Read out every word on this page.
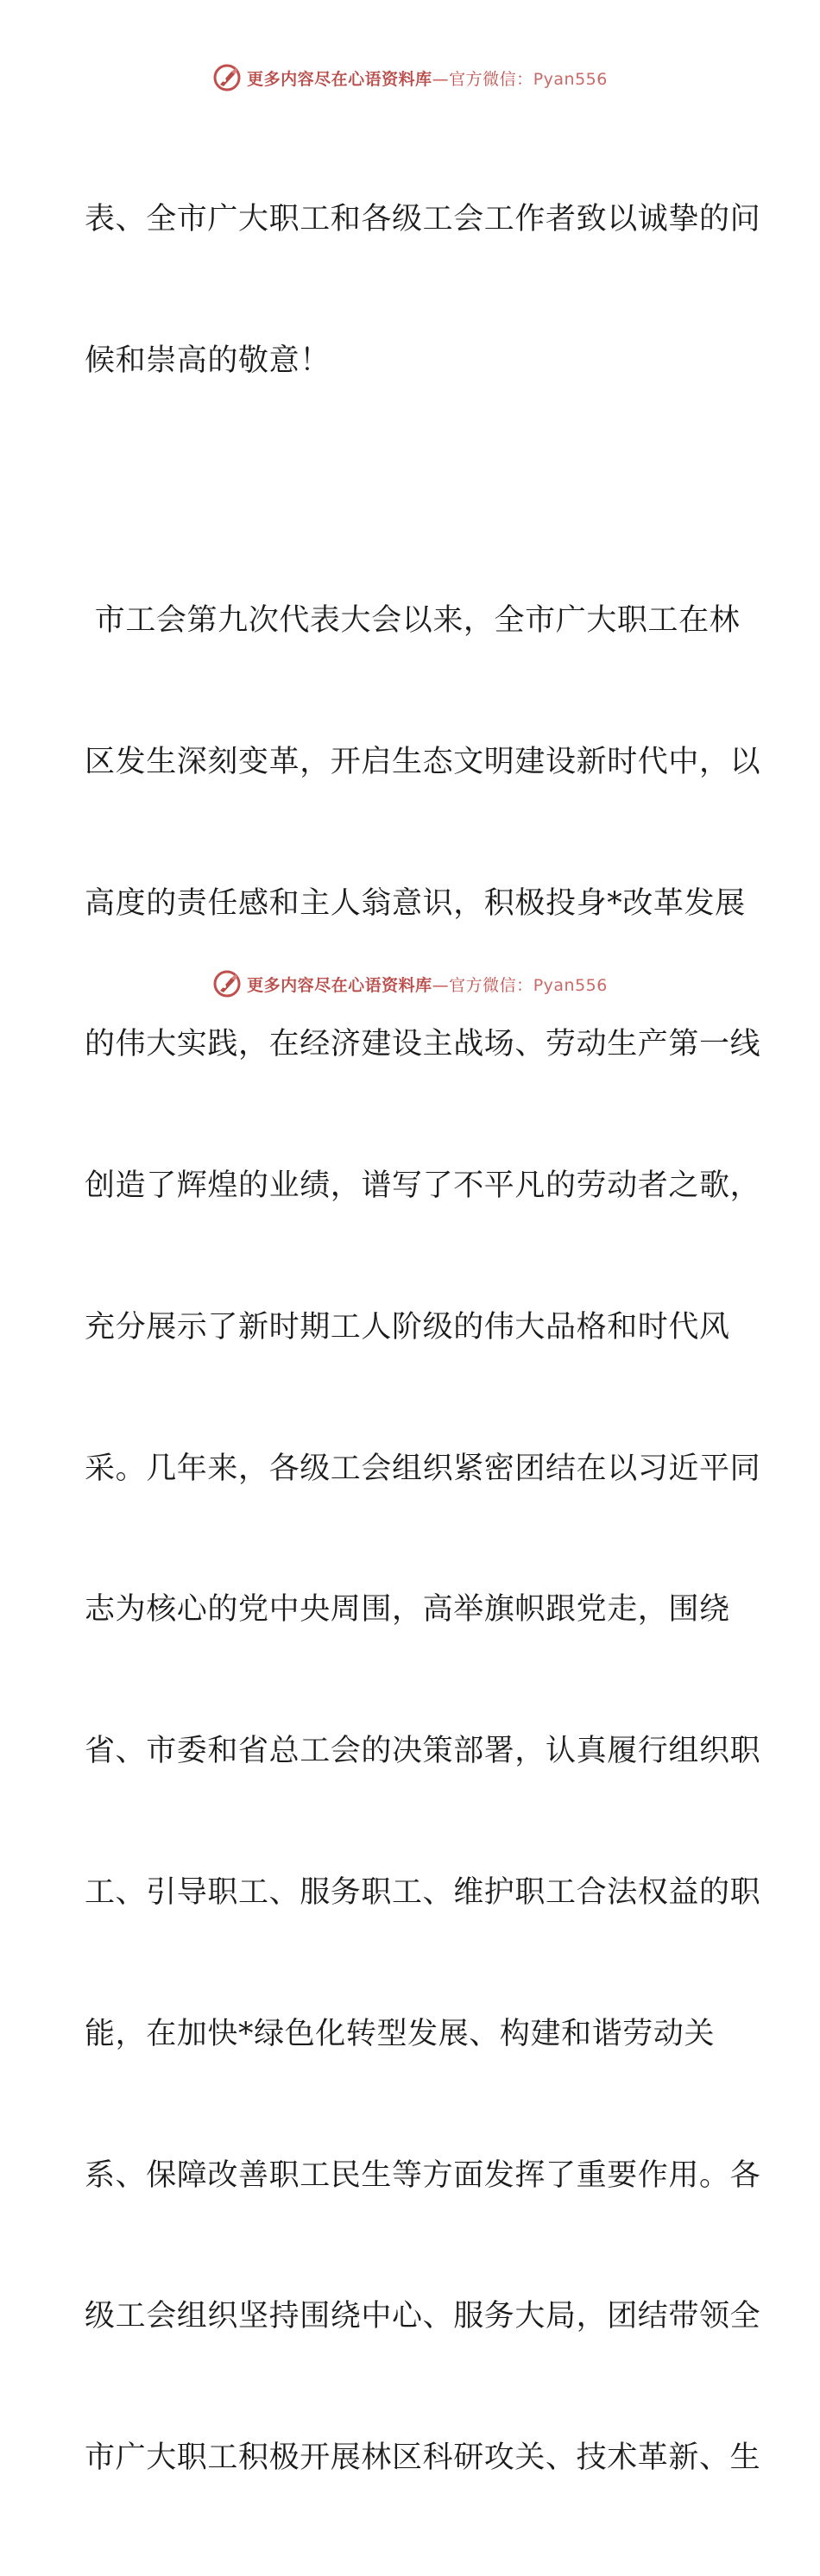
更多内容尽在心语资料库—官方微信：Pyan556

表、全市广大职工和各级工会工作者致以诚挚的问

候和崇高的敬意！

市工会第九次代表大会以来，全市广大职工在林

区发生深刻变革，开启生态文明建设新时代中，以

高度的责任感和主人翁意识，积极投身*改革发展

的伟大实践，在经济建设主战场、劳动生产第一线

创造了辉煌的业绩，谱写了不平凡的劳动者之歌，

充分展示了新时期工人阶级的伟大品格和时代风

采。几年来，各级工会组织紧密团结在以习近平同

志为核心的党中央周围，高举旗帜跟党走，围绕

省、市委和省总工会的决策部署，认真履行组织职

工、引导职工、服务职工、维护职工合法权益的职

能，在加快*绿色化转型发展、构建和谐劳动关

系、保障改善职工民生等方面发挥了重要作用。各

级工会组织坚持围绕中心、服务大局，团结带领全

市广大职工积极开展林区科研攻关、技术革新、生

更多内容尽在心语资料库—官方微信：Pyan556
